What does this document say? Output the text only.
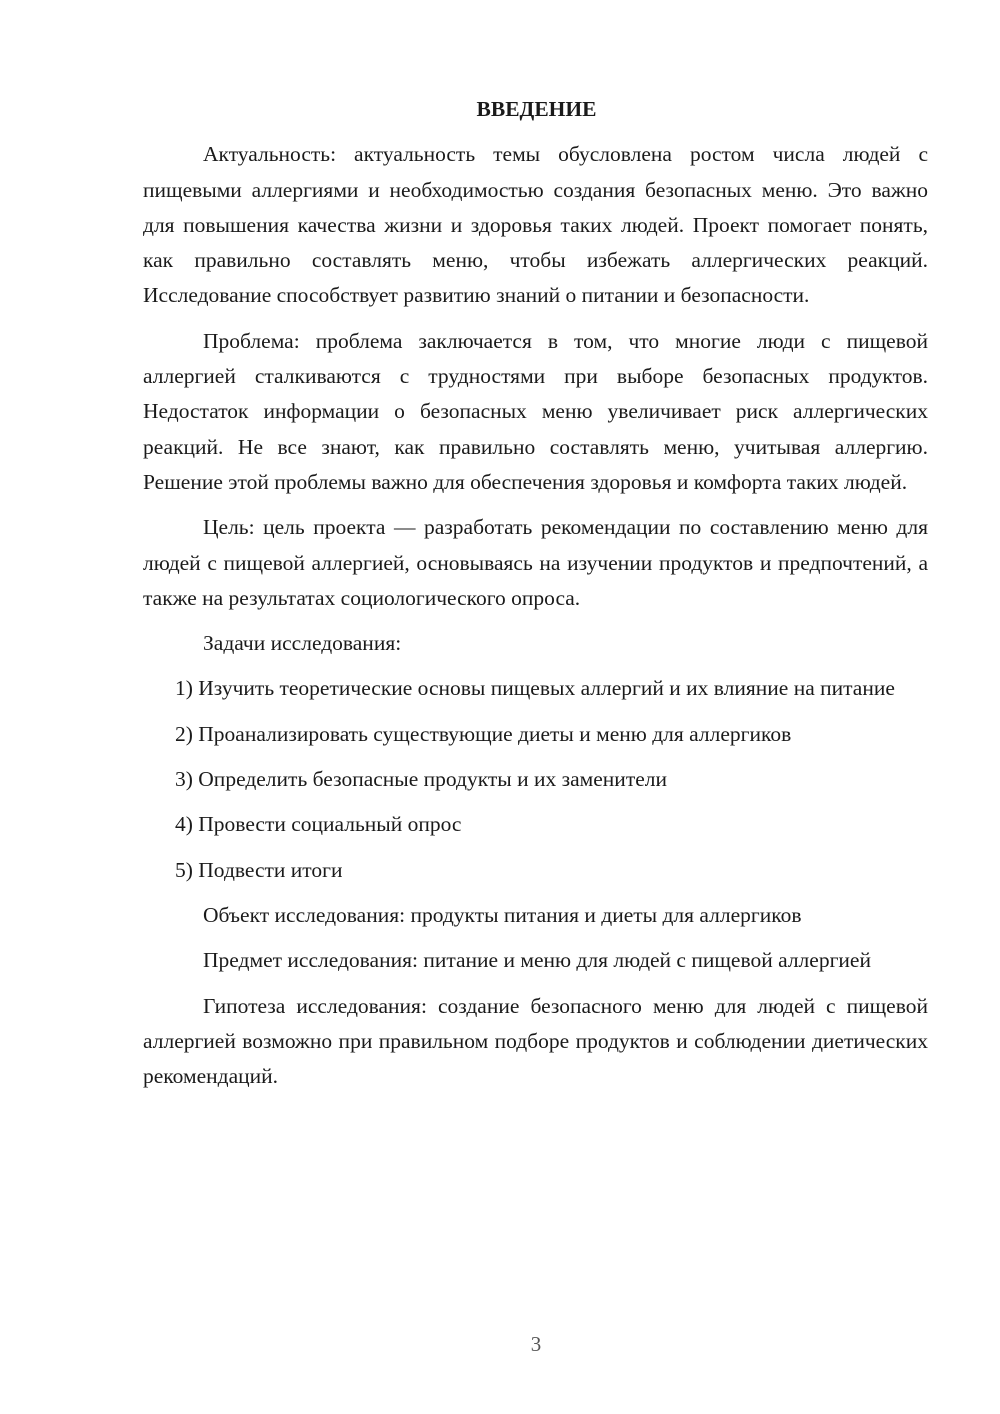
ВВЕДЕНИЕ

Актуальность: актуальность темы обусловлена ростом числа людей с пищевыми аллергиями и необходимостью создания безопасных меню. Это важно для повышения качества жизни и здоровья таких людей. Проект помогает понять, как правильно составлять меню, чтобы избежать аллергических реакций. Исследование способствует развитию знаний о питании и безопасности.

Проблема: проблема заключается в том, что многие люди с пищевой аллергией сталкиваются с трудностями при выборе безопасных продуктов. Недостаток информации о безопасных меню увеличивает риск аллергических реакций. Не все знают, как правильно составлять меню, учитывая аллергию. Решение этой проблемы важно для обеспечения здоровья и комфорта таких людей.

Цель: цель проекта — разработать рекомендации по составлению меню для людей с пищевой аллергией, основываясь на изучении продуктов и предпочтений, а также на результатах социологического опроса.

Задачи исследования:

1) Изучить теоретические основы пищевых аллергий и их влияние на питание

2) Проанализировать существующие диеты и меню для аллергиков

3) Определить безопасные продукты и их заменители

4) Провести социальный опрос

5) Подвести итоги

Объект исследования: продукты питания и диеты для аллергиков

Предмет исследования: питание и меню для людей с пищевой аллергией

Гипотеза исследования: создание безопасного меню для людей с пищевой аллергией возможно при правильном подборе продуктов и соблюдении диетических рекомендаций.

3
